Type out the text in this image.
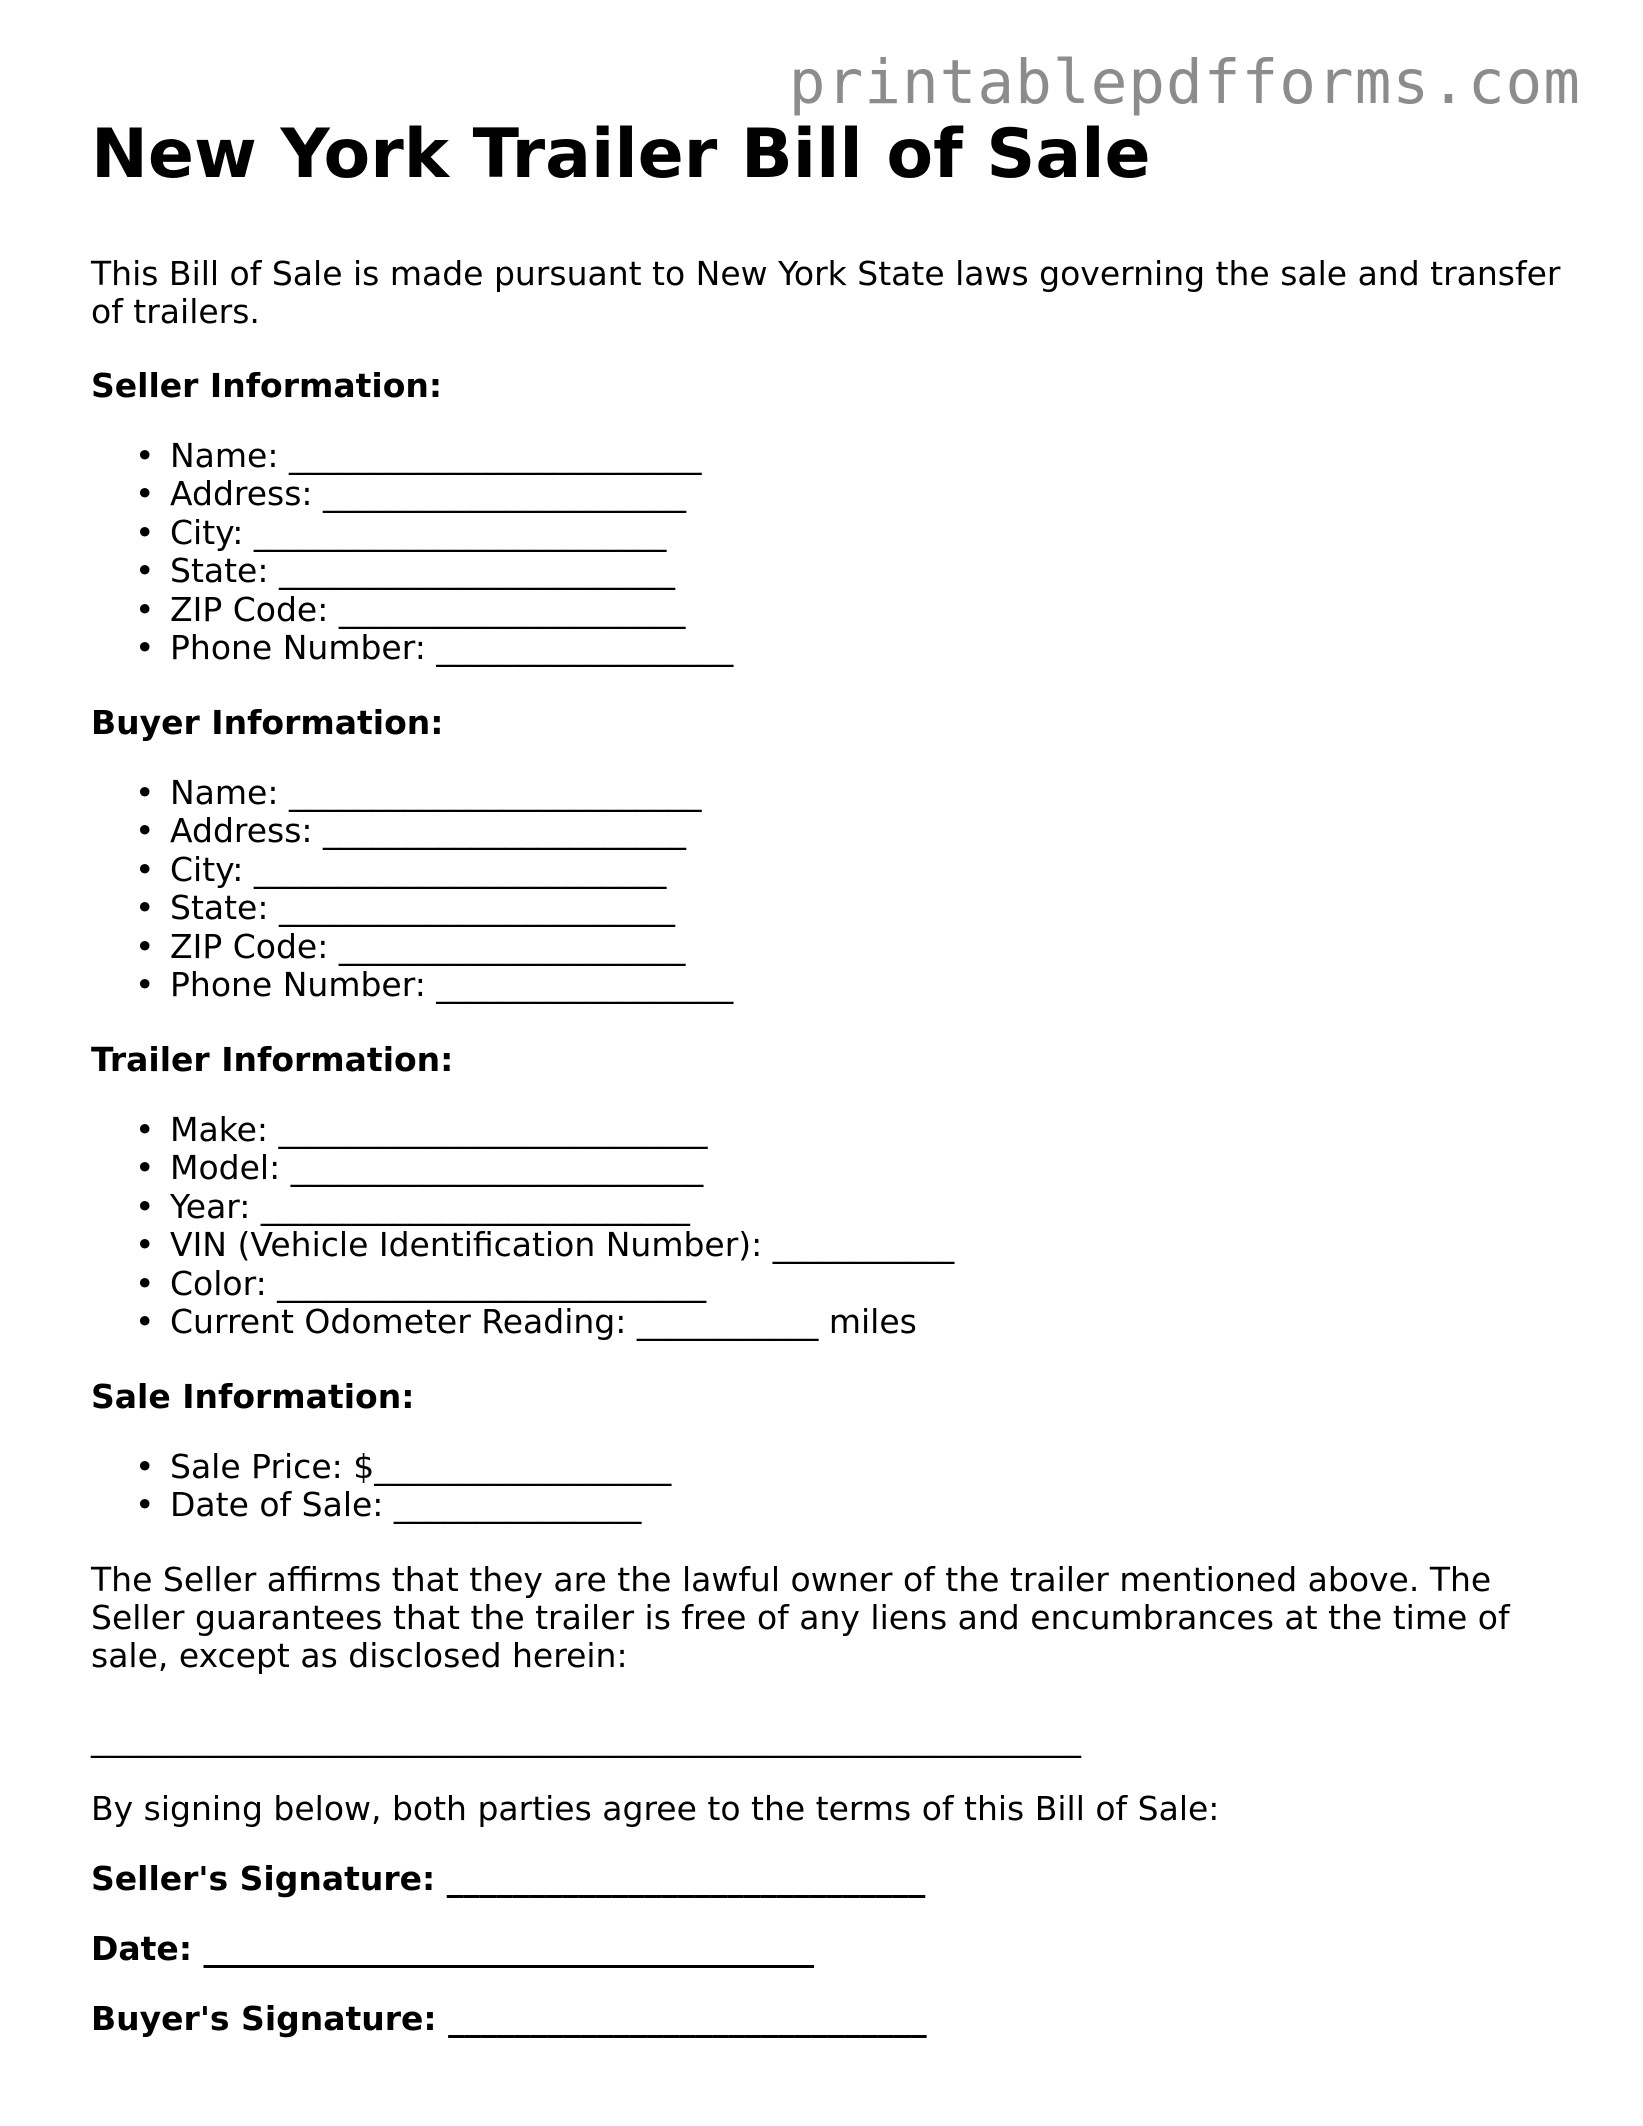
printablepdfforms.com
New York Trailer Bill of Sale

This Bill of Sale is made pursuant to New York State laws governing the sale and transfer of trailers.

Seller Information:
• Name: _________________________
• Address: ______________________
• City: _________________________
• State: ________________________
• ZIP Code: _____________________
• Phone Number: __________________
Buyer Information:
• Name: _________________________
• Address: ______________________
• City: _________________________
• State: ________________________
• ZIP Code: _____________________
• Phone Number: __________________
Trailer Information:
• Make: __________________________
• Model: _________________________
• Year: __________________________
• VIN (Vehicle Identification Number): ___________
• Color: __________________________
• Current Odometer Reading: ___________ miles
Sale Information:
• Sale Price: $__________________
• Date of Sale: _______________

The Seller affirms that they are the lawful owner of the trailer mentioned above. The Seller guarantees that the trailer is free of any liens and encumbrances at the time of sale, except as disclosed herein:

____________________________________________________________

By signing below, both parties agree to the terms of this Bill of Sale:

Seller's Signature: _____________________________
Date: _____________________________________
Buyer's Signature: _____________________________
